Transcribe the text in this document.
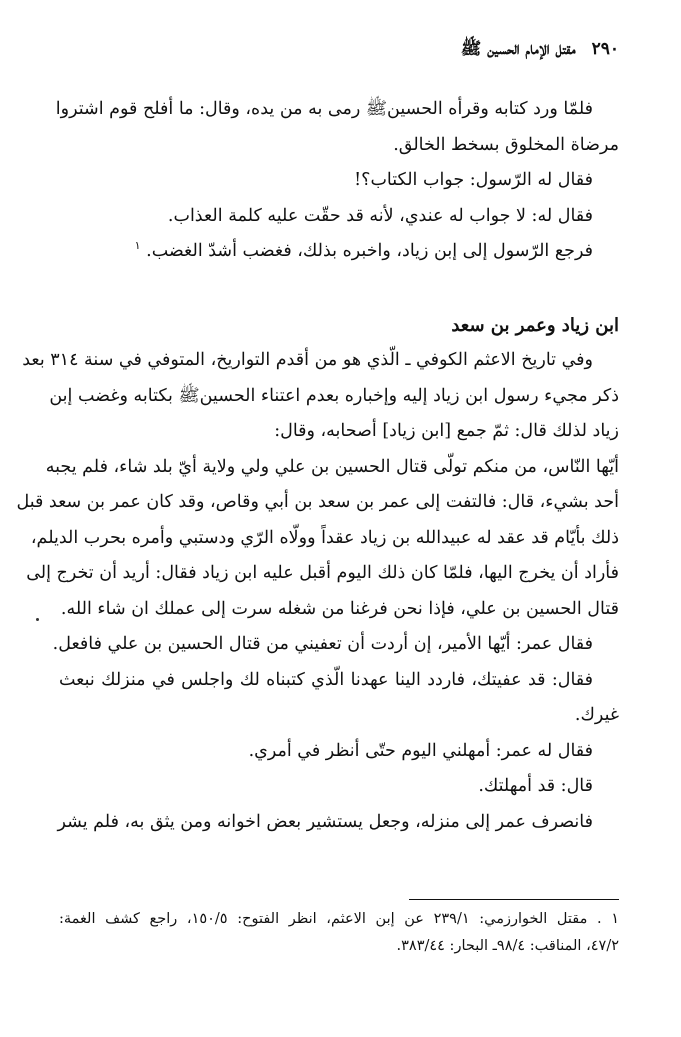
٢٩٠ مقتل الإمام الحسين ﷺ
فلمّا ورد كتابه وقرأه الحسينﷺ رمى به من يده، وقال: ما أفلح قوم اشتروا
مرضاة المخلوق بسخط الخالق.
فقال له الرّسول: جواب الكتاب؟!
فقال له: لا جواب له عندي، لأنه قد حقّت عليه كلمة العذاب.
فرجع الرّسول إلى إبن زياد، واخبره بذلك، فغضب أشدّ الغضب. $^١$
ابن زياد وعمر بن سعد
وفي تاريخ الاعثم الكوفي ـ الّذي هو من أقدم التواريخ، المتوفي في سنة ٣١٤ بعد
ذكر مجيء رسول ابن زياد إليه وإخباره بعدم اعتناء الحسينﷺ بكتابه وغضب إبن
زياد لذلك قال: ثمّ جمع [ابن زياد] أصحابه، وقال:
أيّها النّاس، من منكم تولّى قتال الحسين بن علي ولي ولاية أيّ بلد شاء، فلم يجبه
أحد بشيء، قال: فالتفت إلى عمر بن سعد بن أبي وقاص، وقد كان عمر بن سعد قبل
ذلك بأيّام قد عقد له عبيدالله بن زياد عقداً وولّاه الرّي ودستبي وأمره بحرب الديلم،
فأراد أن يخرج اليها، فلمّا كان ذلك اليوم أقبل عليه ابن زياد فقال: أريد أن تخرج إلى
قتال الحسين بن علي، فإذا نحن فرغنا من شغله سرت إلى عملك ان شاء الله.
فقال عمر: أيّها الأمير، إن أردت أن تعفيني من قتال الحسين بن علي فافعل.
فقال: قد عفيتك، فاردد الينا عهدنا الّذي كتبناه لك واجلس في منزلك نبعث
غيرك.
فقال له عمر: أمهلني اليوم حتّى أنظر في أمري.
قال: قد أمهلتك.
فانصرف عمر إلى منزله، وجعل يستشير بعض اخوانه ومن يثق به، فلم يشر
١ . مقتل الخوارزمي: ٢٣٩/١ عن إبن الاعثم، انظر الفتوح: ١٥٠/٥، راجع كشف الغمة:
٤٧/٢، المناقب: ٩٨/٤ـ البحار: ٣٨٣/٤٤.
